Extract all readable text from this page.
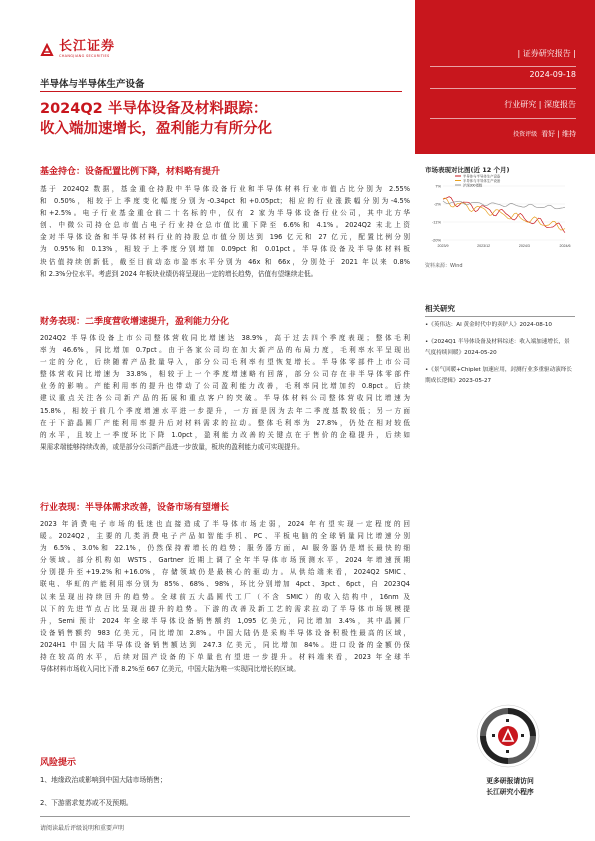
长江证券
CHANGJIANG SECURITIES
半导体与半导体生产设备
2024Q2 半导体设备及材料跟踪：
收入端加速增长，盈利能力有所分化
| 证券研究报告 |
2024-09-18
行业研究 | 深度报告
投资评级 看好 | 维持
基金持仓：设备配置比例下降，材料略有提升
基于 2024Q2 数据，基金重仓持股中半导体设备行业和半导体材料行业市值占比分别为 2.55%
和 0.50%，相较于上季度变化幅度分别为-0.34pct 和+0.05pct；相应的行业涨跌幅分别为-4.5%
和+2.5%。电子行业基金重仓前二十名标的中，仅有 2 家为半导体设备行业公司，其中北方华
创、中微公司持仓总市值占电子行业持仓总市值比重下降至 6.6%和 4.1%。2024Q2 末北上资
金对半导体设备和半导体材料行业的持股总市值分别达到 196 亿元和 27 亿元，配置比例分别
为 0.95%和 0.13%，相较于上季度分别增加 0.09pct 和 0.01pct。半导体设备及半导体材料板
块估值持续创新低，截至目前动态市盈率水平分别为 46x 和 66x，分别处于 2021 年以来 0.8%
和 2.3%分位水平。考虑到 2024 年板块业绩仍将呈现出一定的增长趋势，估值有望继续走低。
财务表现：二季度营收增速提升，盈利能力分化
2024Q2 半导体设备上市公司整体营收同比增速达 38.9%，高于过去四个季度表现；整体毛利
率为 46.6%，同比增加 0.7pct。由于各家公司均在加大新产品的布局力度，毛利率水平呈现出
一定的分化，后续随着产品批量导入，部分公司毛利率有望恢复增长。半导体零部件上市公司
整体营收同比增速为 33.8%，相较于上一个季度增速略有回落，部分公司存在非半导体零部件
业务的影响。产能利用率的提升也带动了公司盈利能力改善，毛利率同比增加约 0.8pct。后续
建议重点关注各公司新产品的拓展和重点客户的突破。半导体材料公司整体营收同比增速为
15.8%，相较于前几个季度增速水平进一步提升，一方面是因为去年二季度基数较低；另一方面
在于下游晶圆厂产能利用率提升后对材料需求的拉动。整体毛利率为 27.8%，仍处在相对较低
的水平，且较上一季度环比下降 1.0pct，盈利能力改善的关键点在于售价的企稳提升，后续如
果需求端能够持续改善，或是部分公司新产品进一步放量，板块的盈利能力或可实现提升。
行业表现：半导体需求改善，设备市场有望增长
2023 年消费电子市场的低迷也直接造成了半导体市场走弱，2024 年有望实现一定程度的回
暖。2024Q2，主要的几类消费电子产品如智能手机、PC、平板电脑的全球销量同比增速分别
为 6.5%、3.0%和 22.1%，仍然保持着增长的趋势；服务器方面，AI 服务器仍是增长最快的细
分领域。部分机构如 WSTS、Gartner 近期上调了全年半导体市场预测水平，2024 年增速预期
分别提升至+19.2%和+16.0%，存储领域仍是最核心的驱动力。从供给端来看，2024Q2 SMIC、
联电、华虹的产能利用率分别为 85%、68%、98%，环比分别增加 4pct、3pct、6pct，自 2023Q4
以来呈现出持续回升的趋势。全球前五大晶圆代工厂（不含 SMIC）的收入结构中，16nm 及
以下的先进节点占比呈现出提升的趋势。下游的改善及新工艺的需求拉动了半导体市场规模提
升，Semi 预计 2024 年全球半导体设备销售额约 1,095 亿美元，同比增加 3.4%，其中晶圆厂
设备销售额约 983 亿美元，同比增加 2.8%。中国大陆仍是采购半导体设备积极性最高的区域，
2024H1 中国大陆半导体设备销售额达到 247.3 亿美元，同比增加 84%。进口设备的金额仍保
持在较高的水平，后续对国产设备的下单量也有望进一步提升。材料端来看，2023 年全球半
导体材料市场收入同比下滑 8.2%至 667 亿美元，中国大陆为唯一实现同比增长的区域。
风险提示
1、地缘政治或影响到中国大陆市场销售；
2、下游需求复苏或不及预期。
请阅读最后评级说明和重要声明
市场表现对比图(近 12 个月)
7%
-2%
-11%
-20%
2023/9	2023/12	2024/3	2024/6
半导体与半导体生产设备
半导体与半导体生产设备
沪深300指数
资料来源：Wind
相关研究
•《英伟达：AI 黄金时代中的卖铲人》2024-08-10
•《2024Q1 半导体设备及材料综述：收入端加速增长，景气度持续回暖》2024-05-20
•《景气回暖+Chiplet 加速应用，封测行业多重驱动演绎长期成长逻辑》2023-05-27
更多研报请访问
长江研究小程序
